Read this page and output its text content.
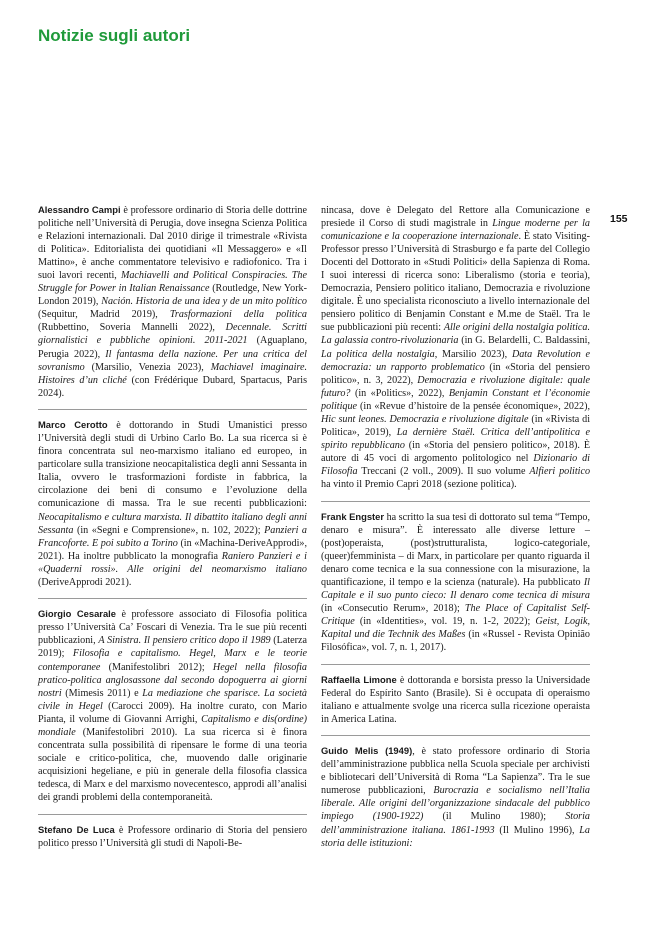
Notizie sugli autori
155

Alessandro Campi è professore ordinario di Storia delle dottrine politiche nell’Università di Perugia, dove insegna Scienza Politica e Relazioni internazionali. Dal 2010 dirige il trimestrale «Rivista di Politica». Editorialista dei quotidiani «Il Messaggero» e «Il Mattino», è anche commentatore televisivo e radiofonico. Tra i suoi lavori recenti, Machiavelli and Political Conspiracies. The Struggle for Power in Italian Renaissance (Routledge, New York-London 2019), Nación. Historia de una idea y de un mito político (Sequitur, Madrid 2019), Trasformazioni della politica (Rubbettino, Soveria Mannelli 2022), Decennale. Scritti giornalistici e pubbliche opinioni. 2011-2021 (Aguaplano, Perugia 2022), Il fantasma della nazione. Per una critica del sovranismo (Marsilio, Venezia 2023), Machiavel imaginaire. Histoires d’un cliché (con Frédérique Dubard, Spartacus, Paris 2024).

Marco Cerotto è dottorando in Studi Umanistici presso l’Università degli studi di Urbino Carlo Bo. La sua ricerca si è finora concentrata sul neo-marxismo italiano ed europeo, in particolare sulla transizione neocapitalistica degli anni Sessanta in Italia, ovvero le trasformazioni fordiste in fabbrica, la circolazione dei beni di consumo e l’evoluzione della comunicazione di massa. Tra le sue recenti pubblicazioni: Neocapitalismo e cultura marxista. Il dibattito italiano degli anni Sessanta (in «Segni e Comprensione», n. 102, 2022); Panzieri a Francoforte. E poi subito a Torino (in «Machina-DeriveApprodi», 2021). Ha inoltre pubblicato la monografia Raniero Panzieri e i «Quaderni rossi». Alle origini del neomarxismo italiano (DeriveApprodi 2021).

Giorgio Cesarale è professore associato di Filosofia politica presso l’Università Ca’ Foscari di Venezia. Tra le sue più recenti pubblicazioni, A Sinistra. Il pensiero critico dopo il 1989 (Laterza 2019); Filosofia e capitalismo. Hegel, Marx e le teorie contemporanee (Manifestolibri 2012); Hegel nella filosofia pratico-politica anglosassone dal secondo dopoguerra ai giorni nostri (Mimesis 2011) e La mediazione che sparisce. La società civile in Hegel (Carocci 2009). Ha inoltre curato, con Mario Pianta, il volume di Giovanni Arrighi, Capitalismo e dis(ordine) mondiale (Manifestolibri 2010). La sua ricerca si è finora concentrata sulla possibilità di ripensare le forme di una teoria sociale e critico-politica, che, muovendo dalle originarie acquisizioni hegeliane, e più in generale della filosofia classica tedesca, di Marx e del marxismo novecentesco, approdi all’analisi dei grandi problemi della contemporaneità.

Stefano De Luca è Professore ordinario di Storia del pensiero politico presso l’Università gli studi di Napoli-Be-

nincasa, dove è Delegato del Rettore alla Comunicazione e presiede il Corso di studi magistrale in Lingue moderne per la comunicazione e la cooperazione internazionale. È stato Visiting-Professor presso l’Università di Strasburgo e fa parte del Collegio Docenti del Dottorato in «Studi Politici» della Sapienza di Roma. I suoi interessi di ricerca sono: Liberalismo (storia e teoria), Democrazia, Pensiero politico italiano, Democrazia e rivoluzione digitale. È uno specialista riconosciuto a livello internazionale del pensiero politico di Benjamin Constant e M.me de Staël. Tra le sue pubblicazioni più recenti: Alle origini della nostalgia politica. La galassia contro-rivoluzionaria (in G. Belardelli, C. Baldassini, La politica della nostalgia, Marsilio 2023), Data Revolution e democrazia: un rapporto problematico (in «Storia del pensiero politico», n. 3, 2022), Democrazia e rivoluzione digitale: quale futuro? (in «Politics», 2022), Benjamin Constant et l’économie politique (in «Revue d’histoire de la pensée économique», 2022), Hic sunt leones. Democrazia e rivoluzione digitale (in «Rivista di Politica», 2019), La dernière Staël. Critica dell’antipolitica e spirito repubblicano (in «Storia del pensiero politico», 2018). È autore di 45 voci di argomento politologico nel Dizionario di Filosofia Treccani (2 voll., 2009). Il suo volume Alfieri politico ha vinto il Premio Capri 2018 (sezione politica).

Frank Engster ha scritto la sua tesi di dottorato sul tema “Tempo, denaro e misura”. È interessato alle diverse letture – (post)operaista, (post)strutturalista, logico-categoriale, (queer)femminista – di Marx, in particolare per quanto riguarda il denaro come tecnica e la sua connessione con la misurazione, la quantificazione, il tempo e la scienza (naturale). Ha pubblicato Il Capitale e il suo punto cieco: Il denaro come tecnica di misura (in «Consecutio Rerum», 2018); The Place of Capitalist Self-Critique (in «Identities», vol. 19, n. 1-2, 2022); Geist, Logik, Kapital und die Technik des Maßes (in «Russel - Revista Opinião Filosófica», vol. 7, n. 1, 2017).

Raffaella Limone è dottoranda e borsista presso la Universidade Federal do Espírito Santo (Brasile). Si è occupata di operaismo italiano e attualmente svolge una ricerca sulla ricezione operaista in America Latina.

Guido Melis (1949), è stato professore ordinario di Storia dell’amministrazione pubblica nella Scuola speciale per archivisti e bibliotecari dell’Università di Roma “La Sapienza”. Tra le sue numerose pubblicazioni, Burocrazia e socialismo nell’Italia liberale. Alle origini dell’organizzazione sindacale del pubblico impiego (1900-1922) (il Mulino 1980); Storia dell’amministrazione italiana. 1861-1993 (Il Mulino 1996), La storia delle istituzioni:
